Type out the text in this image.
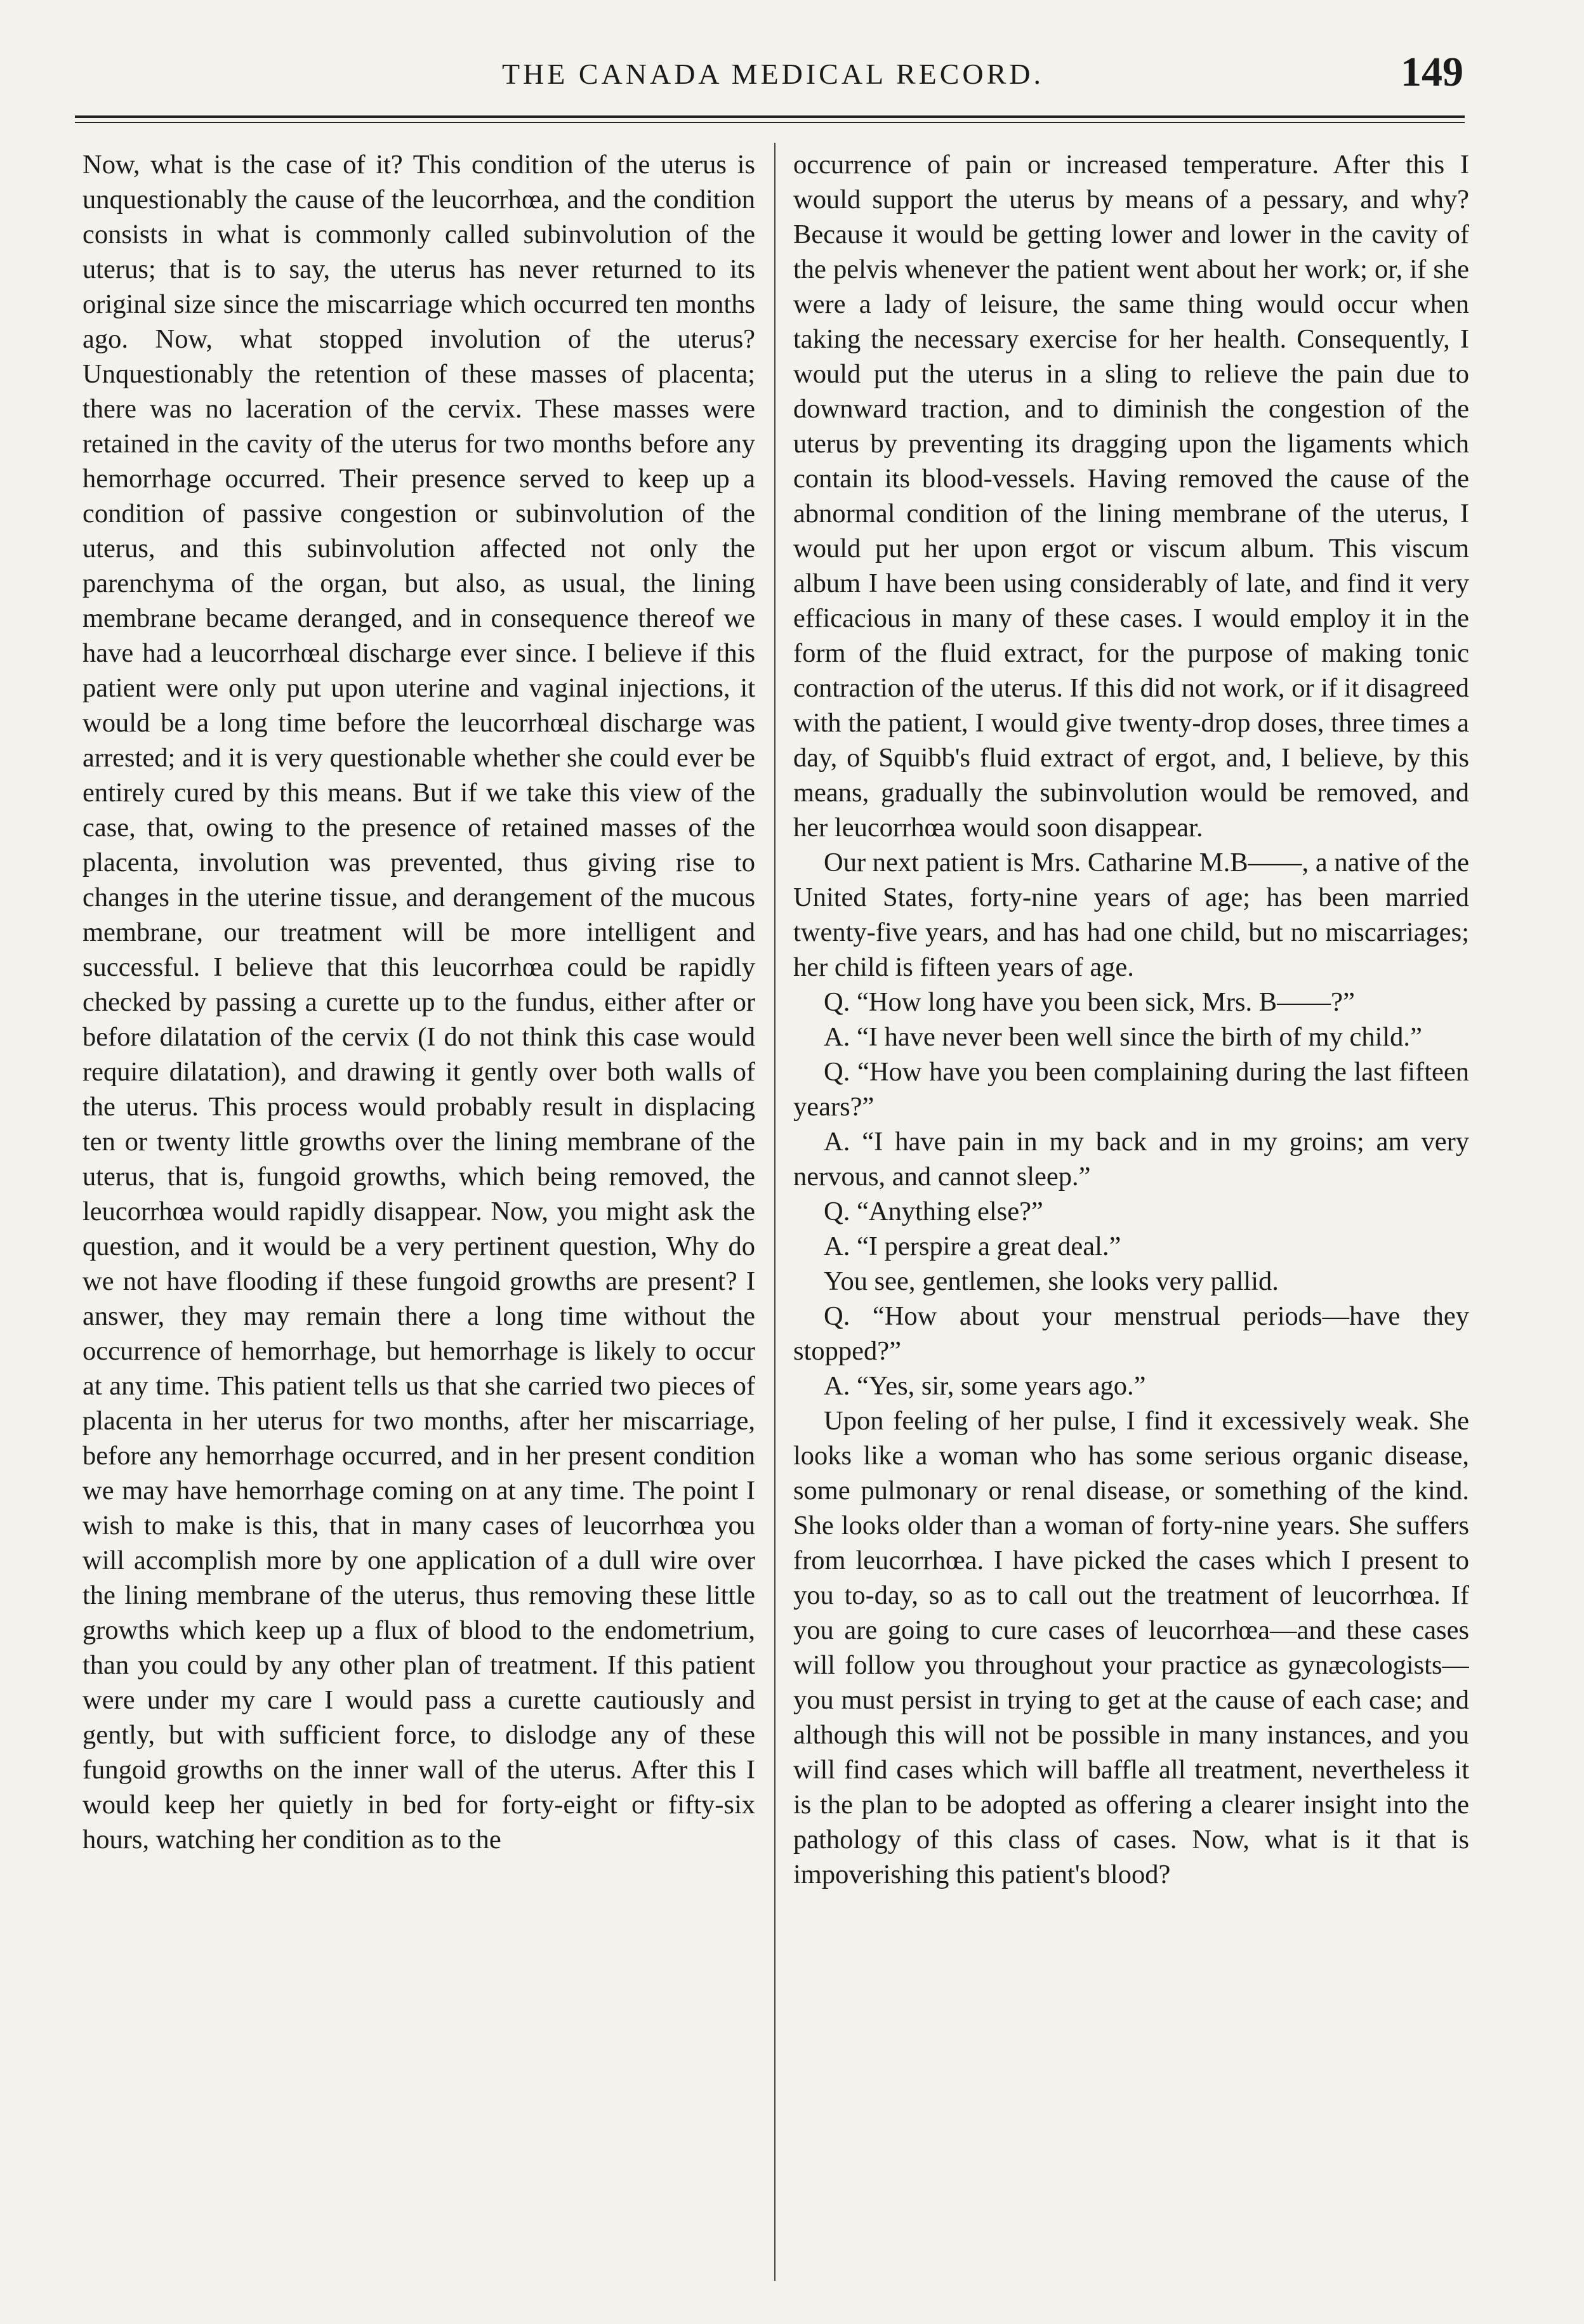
THE CANADA MEDICAL RECORD.	149

Now, what is the case of it? This condition of the uterus is unquestionably the cause of the leucorrhœa, and the condition consists in what is commonly called subinvolution of the uterus; that is to say, the uterus has never returned to its original size since the miscarriage which occurred ten months ago. Now, what stopped involution of the uterus? Unquestionably the retention of these masses of placenta; there was no laceration of the cervix. These masses were retained in the cavity of the uterus for two months before any hemorrhage occurred. Their presence served to keep up a condition of passive congestion or subinvolution of the uterus, and this subinvolution affected not only the parenchyma of the organ, but also, as usual, the lining membrane became deranged, and in consequence thereof we have had a leucorrhœal discharge ever since. I believe if this patient were only put upon uterine and vaginal injections, it would be a long time before the leucorrhœal discharge was arrested; and it is very questionable whether she could ever be entirely cured by this means. But if we take this view of the case, that, owing to the presence of retained masses of the placenta, involution was prevented, thus giving rise to changes in the uterine tissue, and derangement of the mucous membrane, our treatment will be more intelligent and successful. I believe that this leucorrhœa could be rapidly checked by passing a curette up to the fundus, either after or before dilatation of the cervix (I do not think this case would require dilatation), and drawing it gently over both walls of the uterus. This process would probably result in displacing ten or twenty little growths over the lining membrane of the uterus, that is, fungoid growths, which being removed, the leucorrhœa would rapidly disappear. Now, you might ask the question, and it would be a very pertinent question, Why do we not have flooding if these fungoid growths are present? I answer, they may remain there a long time without the occurrence of hemorrhage, but hemorrhage is likely to occur at any time. This patient tells us that she carried two pieces of placenta in her uterus for two months, after her miscarriage, before any hemorrhage occurred, and in her present condition we may have hemorrhage coming on at any time. The point I wish to make is this, that in many cases of leucorrhœa you will accomplish more by one application of a dull wire over the lining membrane of the uterus, thus removing these little growths which keep up a flux of blood to the endometrium, than you could by any other plan of treatment. If this patient were under my care I would pass a curette cautiously and gently, but with sufficient force, to dislodge any of these fungoid growths on the inner wall of the uterus. After this I would keep her quietly in bed for forty-eight or fifty-six hours, watching her condition as to the

occurrence of pain or increased temperature. After this I would support the uterus by means of a pessary, and why? Because it would be getting lower and lower in the cavity of the pelvis whenever the patient went about her work; or, if she were a lady of leisure, the same thing would occur when taking the necessary exercise for her health. Consequently, I would put the uterus in a sling to relieve the pain due to downward traction, and to diminish the congestion of the uterus by preventing its dragging upon the ligaments which contain its blood-vessels. Having removed the cause of the abnormal condition of the lining membrane of the uterus, I would put her upon ergot or viscum album. This viscum album I have been using considerably of late, and find it very efficacious in many of these cases. I would employ it in the form of the fluid extract, for the purpose of making tonic contraction of the uterus. If this did not work, or if it disagreed with the patient, I would give twenty-drop doses, three times a day, of Squibb's fluid extract of ergot, and, I believe, by this means, gradually the subinvolution would be removed, and her leucorrhœa would soon disappear.

Our next patient is Mrs. Catharine M.B——, a native of the United States, forty-nine years of age; has been married twenty-five years, and has had one child, but no miscarriages; her child is fifteen years of age.

Q. “How long have you been sick, Mrs. B——?”

A. “I have never been well since the birth of my child.”

Q. “How have you been complaining during the last fifteen years?”

A. “I have pain in my back and in my groins; am very nervous, and cannot sleep.”

Q. “Anything else?”

A. “I perspire a great deal.”

You see, gentlemen, she looks very pallid.

Q. “How about your menstrual periods—have they stopped?”

A. “Yes, sir, some years ago.”

Upon feeling of her pulse, I find it excessively weak. She looks like a woman who has some serious organic disease, some pulmonary or renal disease, or something of the kind. She looks older than a woman of forty-nine years. She suffers from leucorrhœa. I have picked the cases which I present to you to-day, so as to call out the treatment of leucorrhœa. If you are going to cure cases of leucorrhœa—and these cases will follow you throughout your practice as gynæcologists—you must persist in trying to get at the cause of each case; and although this will not be possible in many instances, and you will find cases which will baffle all treatment, nevertheless it is the plan to be adopted as offering a clearer insight into the pathology of this class of cases. Now, what is it that is impoverishing this patient's blood?
